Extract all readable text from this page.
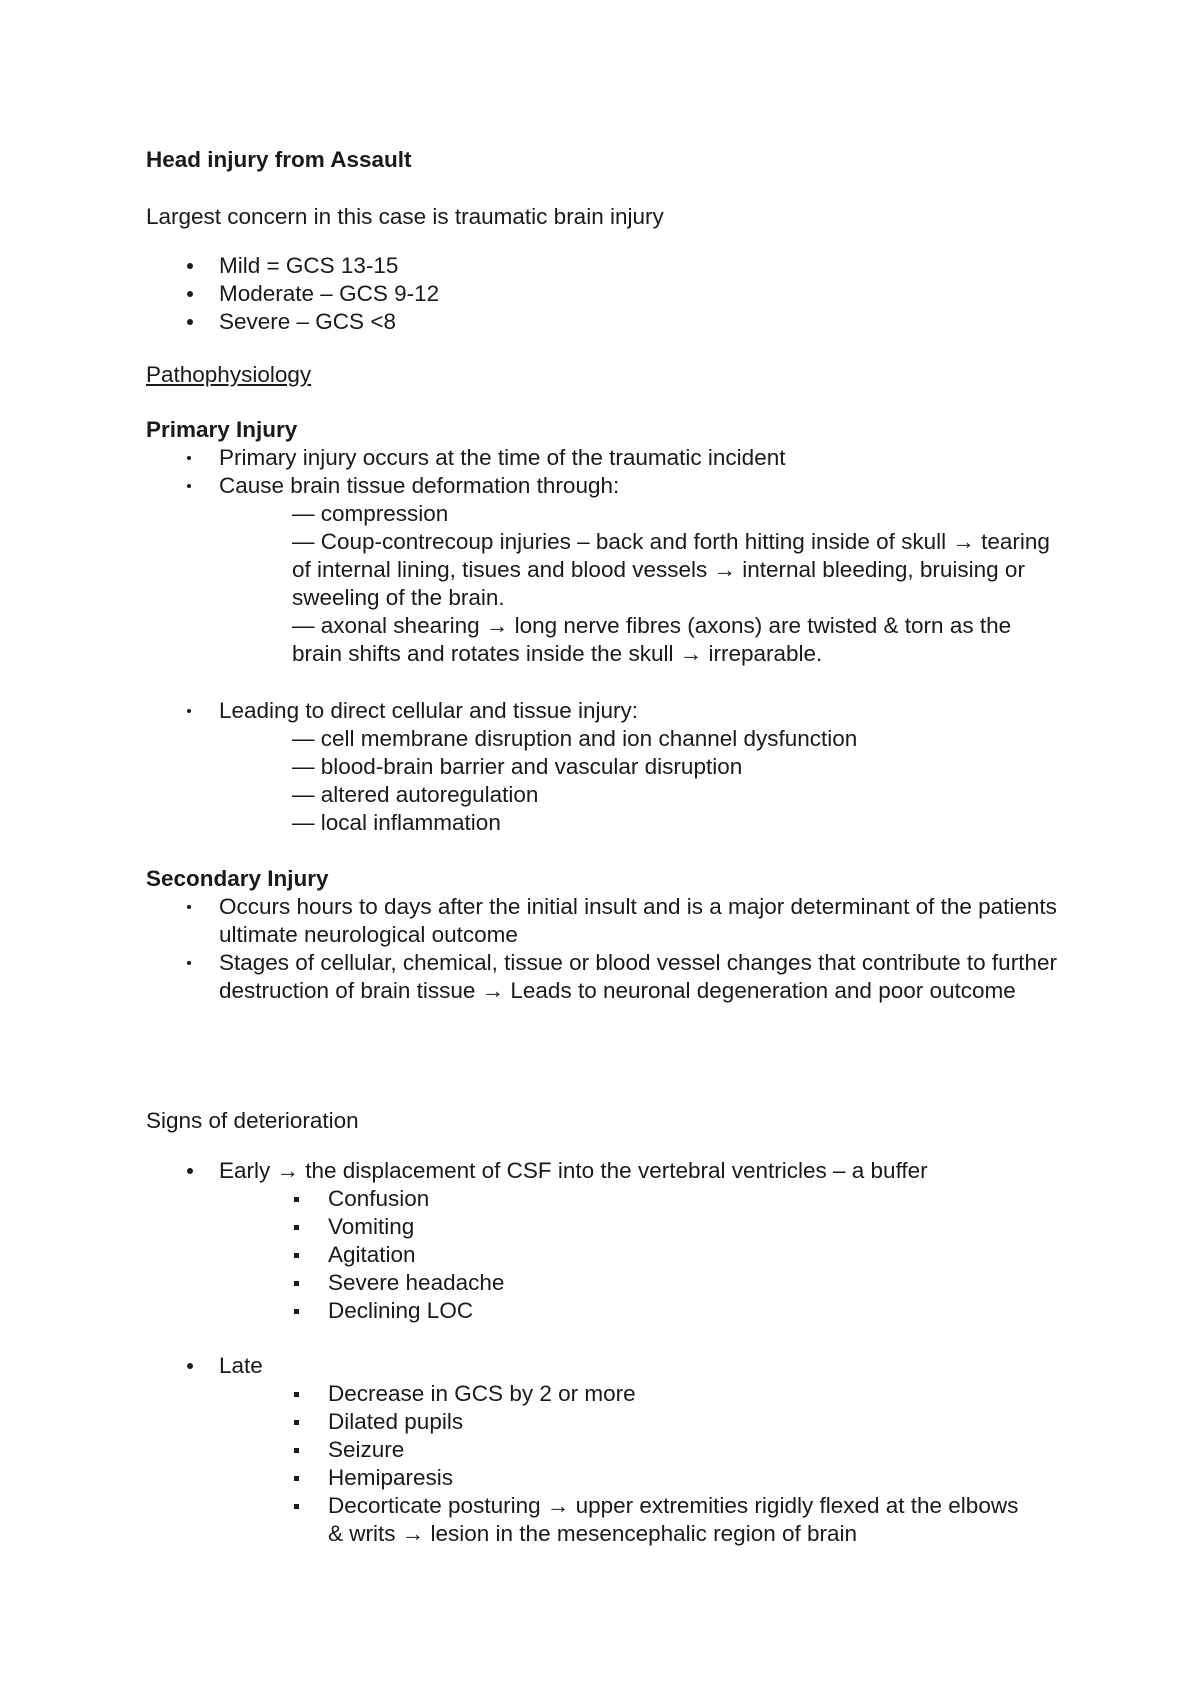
Head injury from Assault
Largest concern in this case is traumatic brain injury
Mild = GCS 13-15
Moderate – GCS 9-12
Severe – GCS <8
Pathophysiology
Primary Injury
Primary injury occurs at the time of the traumatic incident
Cause brain tissue deformation through:
— compression
— Coup-contrecoup injuries – back and forth hitting inside of skull → tearing of internal lining, tisues and blood vessels → internal bleeding, bruising or sweeling of the brain.
— axonal shearing → long nerve fibres (axons) are twisted & torn as the brain shifts and rotates inside the skull → irreparable.
Leading to direct cellular and tissue injury:
— cell membrane disruption and ion channel dysfunction
— blood-brain barrier and vascular disruption
— altered autoregulation
— local inflammation
Secondary Injury
Occurs hours to days after the initial insult and is a major determinant of the patients ultimate neurological outcome
Stages of cellular, chemical, tissue or blood vessel changes that contribute to further destruction of brain tissue → Leads to neuronal degeneration and poor outcome
Signs of deterioration
Early → the displacement of CSF into the vertebral ventricles – a buffer
Confusion
Vomiting
Agitation
Severe headache
Declining LOC
Late
Decrease in GCS by 2 or more
Dilated pupils
Seizure
Hemiparesis
Decorticate posturing → upper extremities rigidly flexed at the elbows & writs → lesion in the mesencephalic region of brain
